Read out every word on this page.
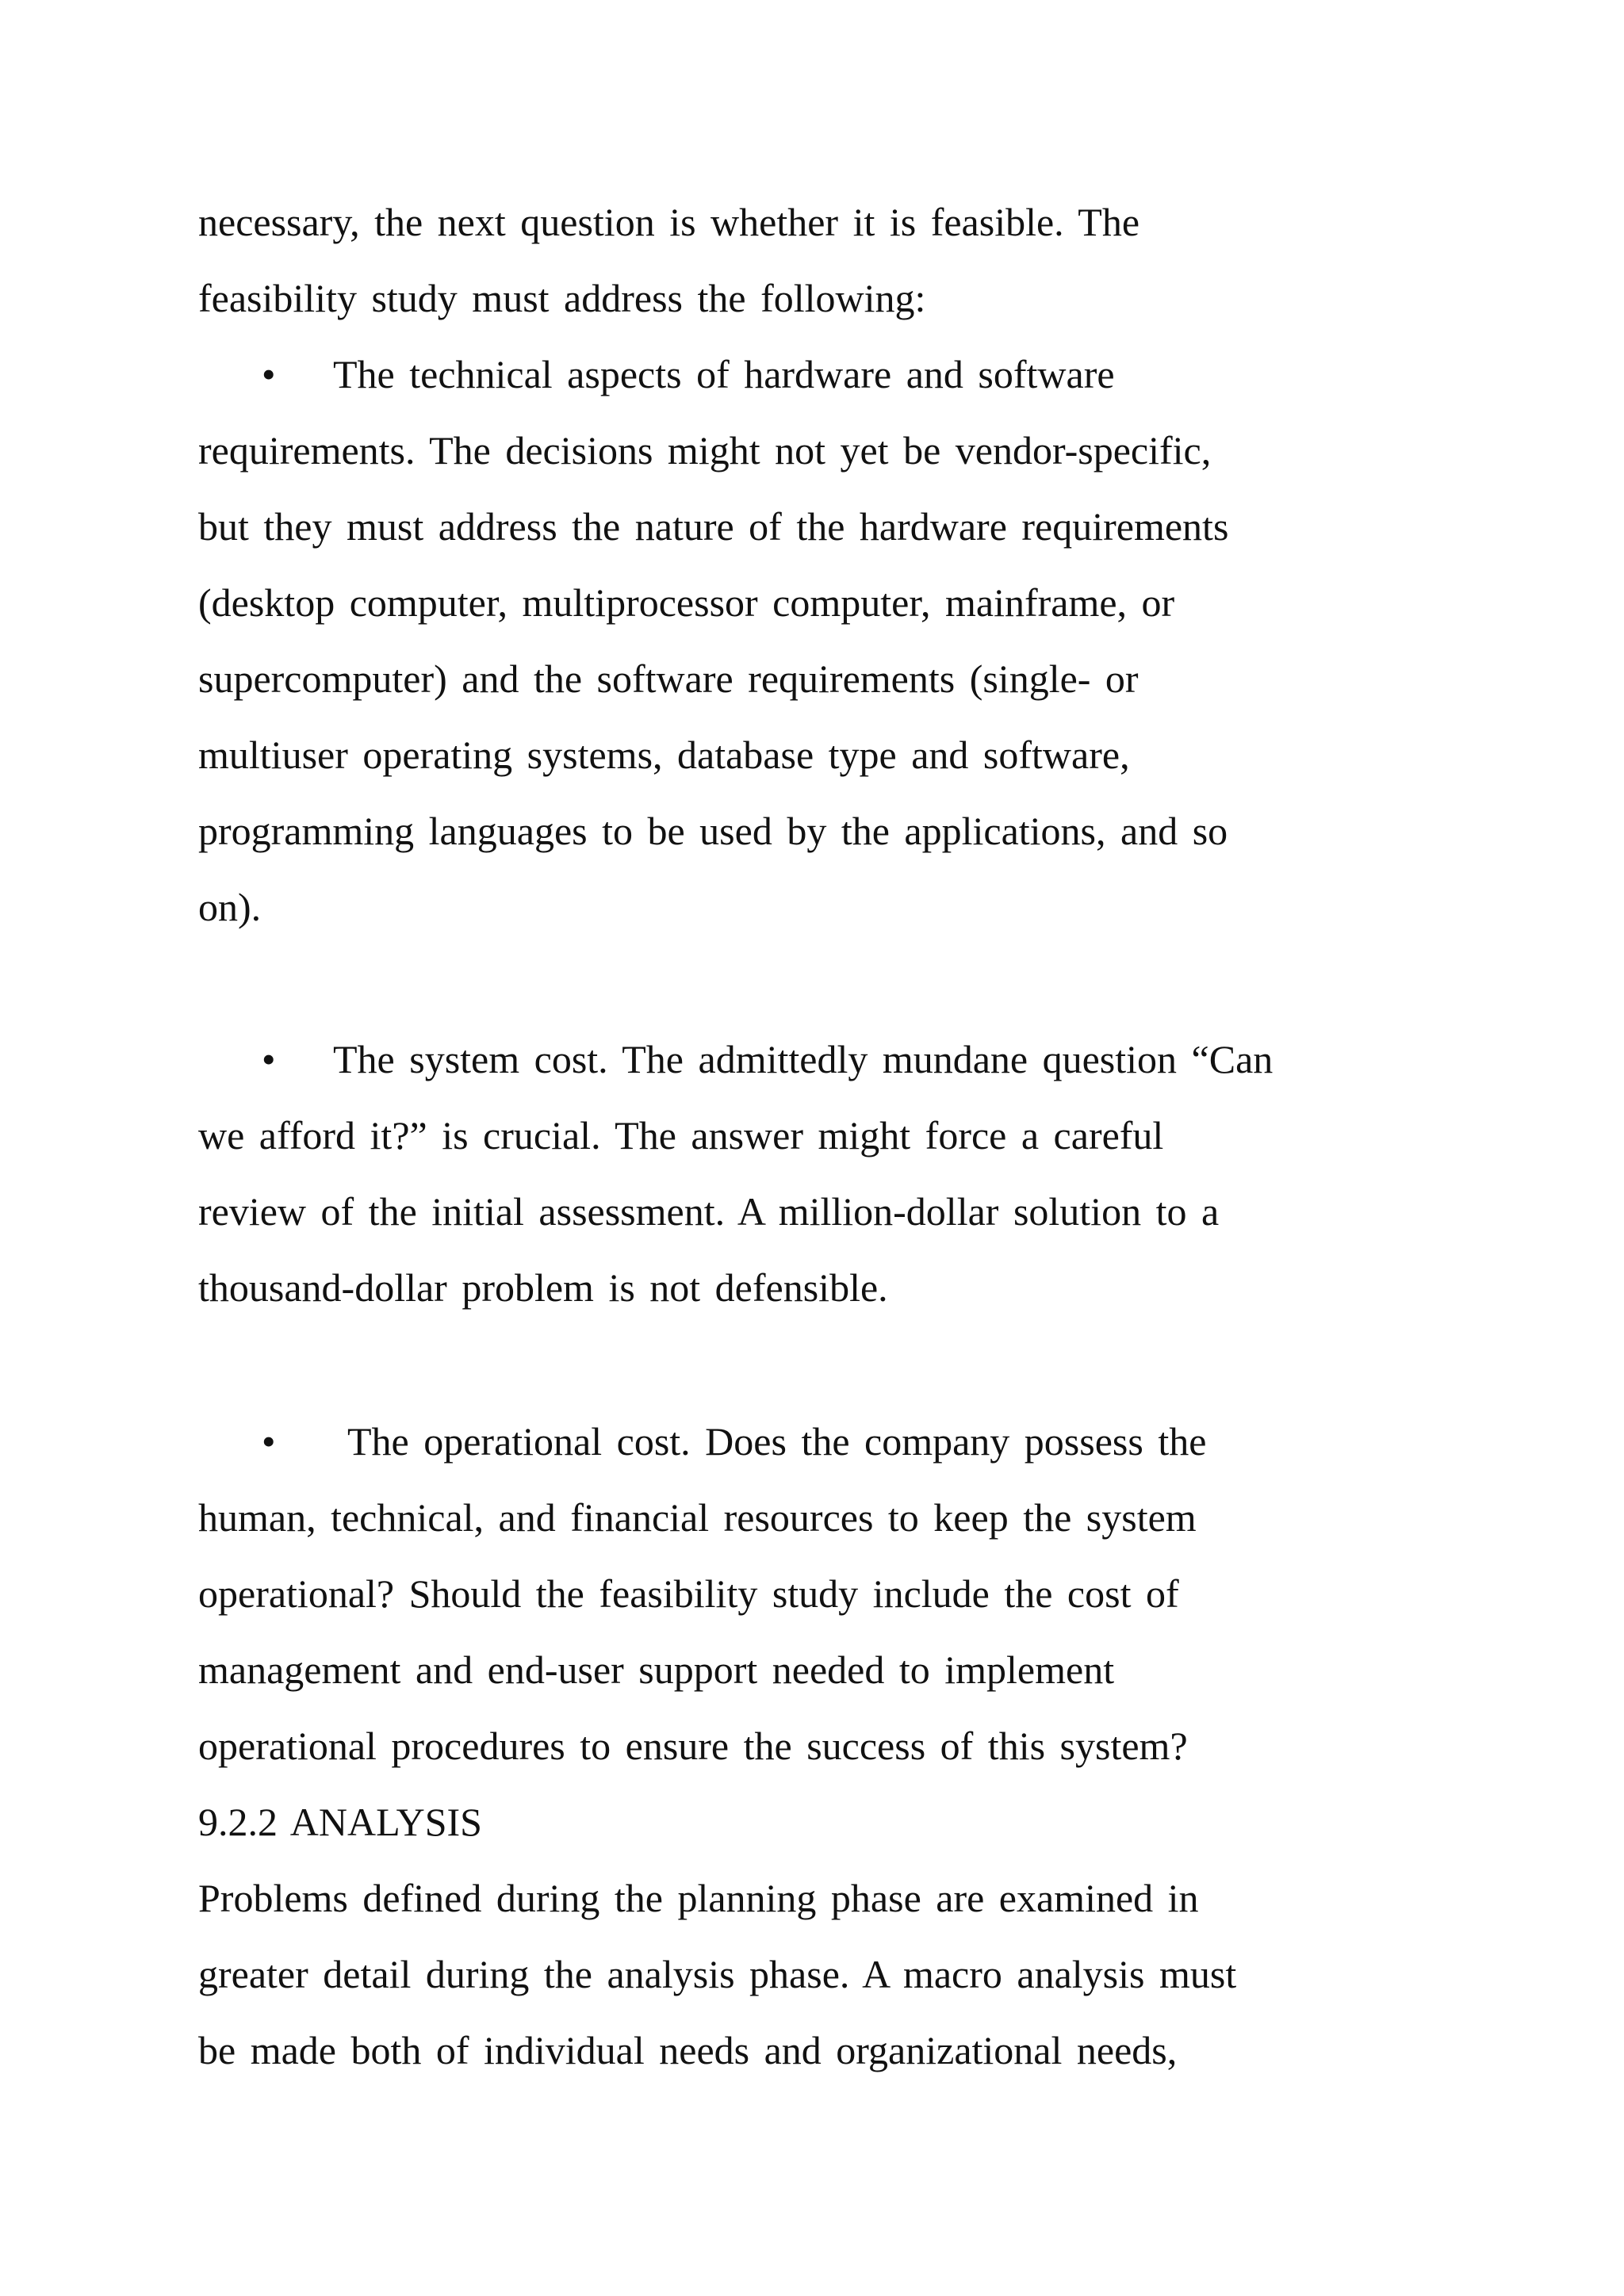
necessary, the next question is whether it is feasible. The
feasibility study must address the following:
• The technical aspects of hardware and software
requirements. The decisions might not yet be vendor-specific,
but they must address the nature of the hardware requirements
(desktop computer, multiprocessor computer, mainframe, or
supercomputer) and the software requirements (single- or
multiuser operating systems, database type and software,
programming languages to be used by the applications, and so
on).
• The system cost. The admittedly mundane question “Can
we afford it?” is crucial. The answer might force a careful
review of the initial assessment. A million-dollar solution to a
thousand-dollar problem is not defensible.
• The operational cost. Does the company possess the
human, technical, and financial resources to keep the system
operational? Should the feasibility study include the cost of
management and end-user support needed to implement
operational procedures to ensure the success of this system?
9.2.2 ANALYSIS
Problems defined during the planning phase are examined in
greater detail during the analysis phase. A macro analysis must
be made both of individual needs and organizational needs,
